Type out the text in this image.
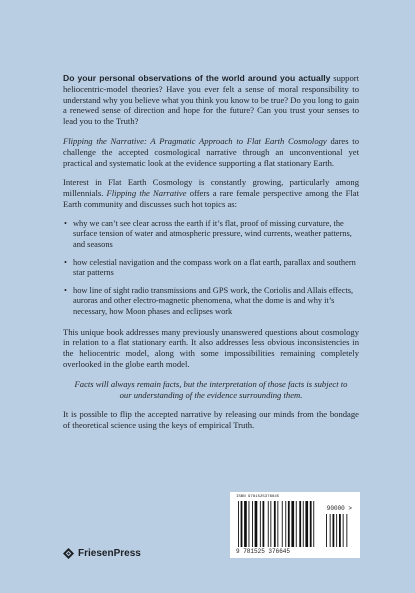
Do your personal observations of the world around you actually support heliocentric-model theories? Have you ever felt a sense of moral responsibility to understand why you believe what you think you know to be true? Do you long to gain a renewed sense of direction and hope for the future? Can you trust your senses to lead you to the Truth?

Flipping the Narrative: A Pragmatic Approach to Flat Earth Cosmology dares to challenge the accepted cosmological narrative through an unconventional yet practical and systematic look at the evidence supporting a flat stationary Earth.

Interest in Flat Earth Cosmology is constantly growing, particularly among millennials. Flipping the Narrative offers a rare female perspective among the Flat Earth community and discusses such hot topics as:

• why we can’t see clear across the earth if it’s flat, proof of missing curvature, the surface tension of water and atmospheric pressure, wind currents, weather patterns, and seasons
• how celestial navigation and the compass work on a flat earth, parallax and southern star patterns
• how line of sight radio transmissions and GPS work, the Coriolis and Allais effects, auroras and other electro-magnetic phenomena, what the dome is and why it’s necessary, how Moon phases and eclipses work

This unique book addresses many previously unanswered questions about cosmology in relation to a flat stationary earth. It also addresses less obvious inconsistencies in the heliocentric model, along with some impossibilities remaining completely overlooked in the globe earth model.

Facts will always remain facts, but the interpretation of those facts is subject to our understanding of the evidence surrounding them.

It is possible to flip the accepted narrative by releasing our minds from the bondage of theoretical science using the keys of empirical Truth.

ISBN 9781525376645
90000 >
9 781525 376645
FriesenPress
